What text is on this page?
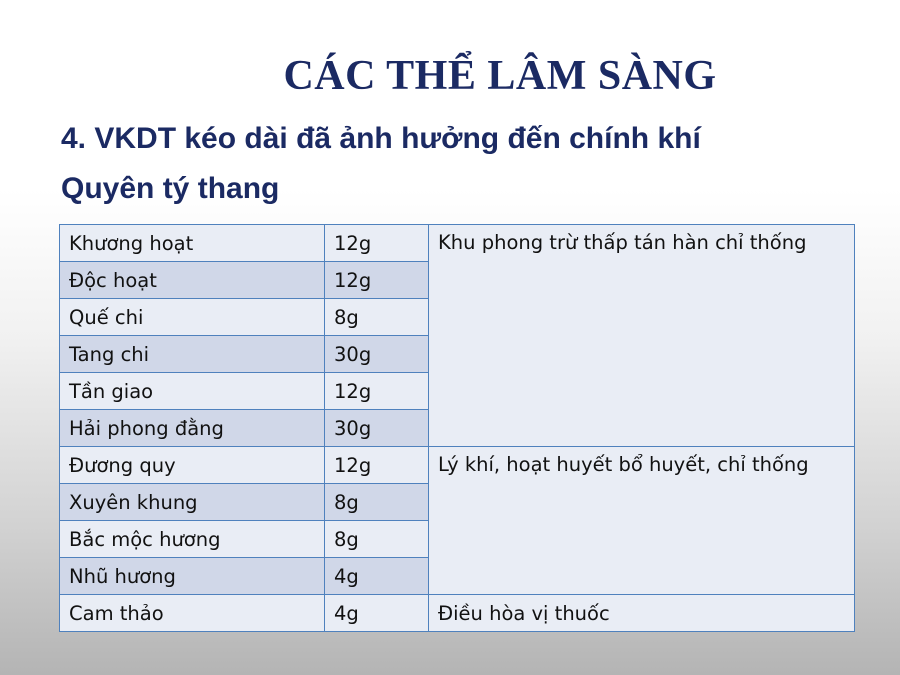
CÁC THỂ LÂM SÀNG
4. VKDT kéo dài đã ảnh hưởng đến chính khí
Quyên tý thang
Khương hoạt	12g	Khu phong trừ thấp tán hàn chỉ thống
Độc hoạt	12g	
Quế chi	8g	
Tang chi	30g	
Tần giao	12g	
Hải phong đằng	30g	
Đương quy	12g	Lý khí, hoạt huyết bổ huyết, chỉ thống
Xuyên khung	8g	
Bắc mộc hương	8g	
Nhũ hương	4g	
Cam thảo	4g	Điều hòa vị thuốc
